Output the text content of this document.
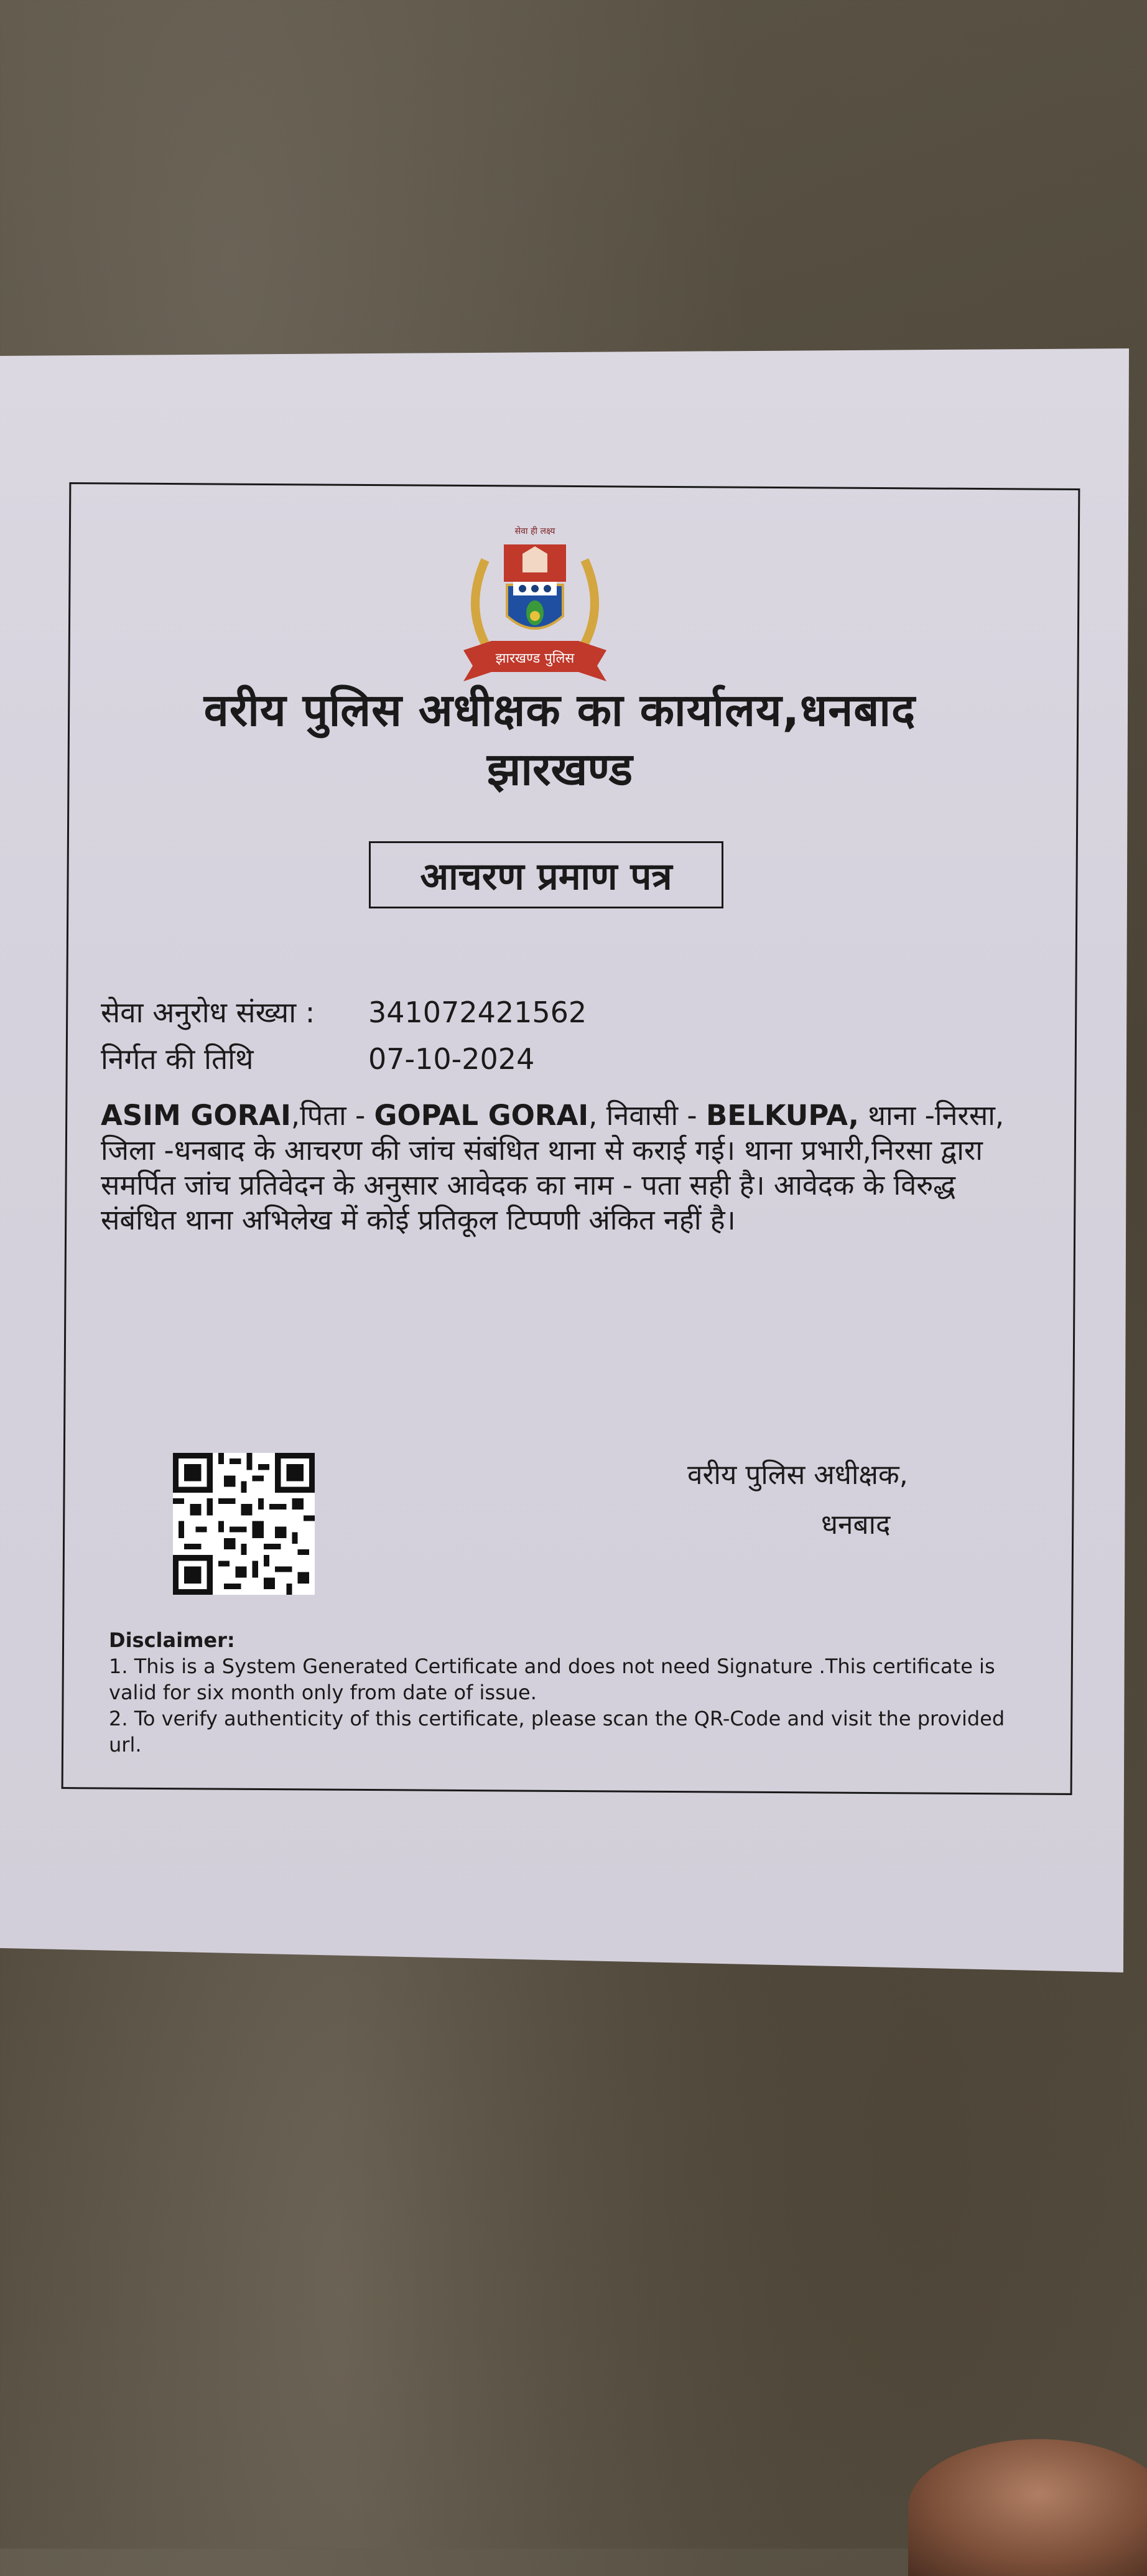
सेवा ही लक्ष्य
झारखण्ड पुलिस
वरीय पुलिस अधीक्षक का कार्यालय,धनबाद
झारखण्ड
आचरण प्रमाण पत्र
सेवा अनुरोध संख्या : 341072421562
निर्गत की तिथि	07-10-2024
ASIM GORAI,पिता - GOPAL GORAI, निवासी - BELKUPA, थाना -निरसा, जिला -धनबाद के आचरण की जांच संबंधित थाना से कराई गई। थाना प्रभारी,निरसा द्वारा समर्पित जांच प्रतिवेदन के अनुसार आवेदक का नाम - पता सही है। आवेदक के विरुद्ध संबंधित थाना अभिलेख में कोई प्रतिकूल टिप्पणी अंकित नहीं है।
वरीय पुलिस अधीक्षक,
धनबाद
Disclaimer:
1. This is a System Generated Certificate and does not need Signature .This certificate is valid for six month only from date of issue.
2. To verify authenticity of this certificate, please scan the QR-Code and visit the provided url.
